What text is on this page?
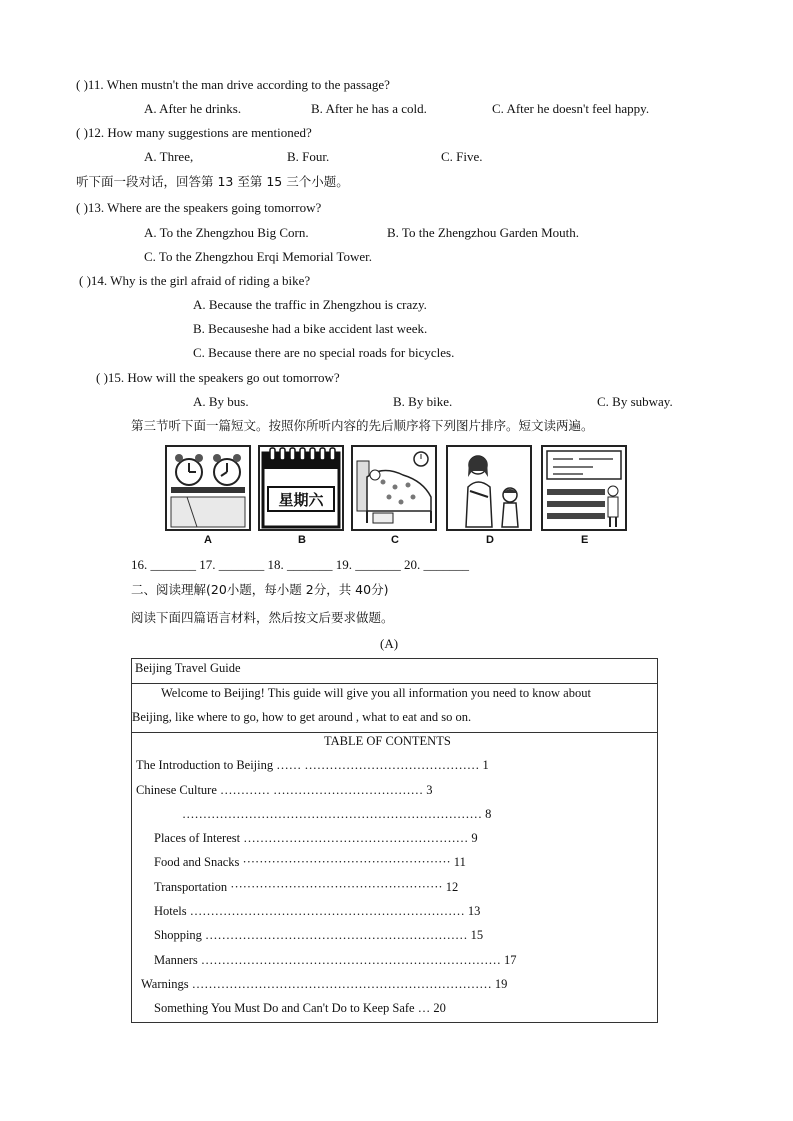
( )11. When mustn't the man drive according to the passage?
A. After he drinks.	B. After he has a cold.	C. After he doesn't feel happy.
( )12. How many suggestions are mentioned?
A. Three,	B. Four.	C. Five.
听下面一段对话，回答第 13 至第 15 三个小题。
( )13. Where are the speakers going tomorrow?
A. To the Zhengzhou Big Corn.	B. To the Zhengzhou Garden Mouth.
C. To the Zhengzhou Erqi Memorial Tower.
( )14. Why is the girl afraid of riding a bike?
A. Because the traffic in Zhengzhou is crazy.
B. Becauseshe had a bike accident last week.
C. Because there are no special roads for bicycles.
( )15. How will the speakers go out tomorrow?
A. By bus.	B. By bike.	C. By subway.
第三节听下面一篇短文。按照你所听内容的先后顺序将下列图片排序。短文读两遍。
星期六
A	B	C	D	E
16. _______ 17. _______ 18. _______ 19. _______ 20. _______
二、阅读理解(20小题，每小题 2分，共 40分)
阅读下面四篇语言材料，然后按文后要求做题。
(A)
Beijing Travel Guide
Welcome to Beijing! This guide will give you all information you need to know about
Beijing, like where to go, how to get around , what to eat and so on.
TABLE OF CONTENTS
The Introduction to Beijing …… …………………………………… 1
Chinese Culture ………… ……………………………… 3
……………………………………………………………… 8
Places of Interest ……………………………………………… 9
Food and Snacks ·················································· 11
Transportation ··················································· 12
Hotels ………………………………………………………… 13
Shopping ……………………………………………………… 15
Manners ……………………………………………………………… 17
Warnings ……………………………………………………………… 19
Something You Must Do and Can't Do to Keep Safe … 20
